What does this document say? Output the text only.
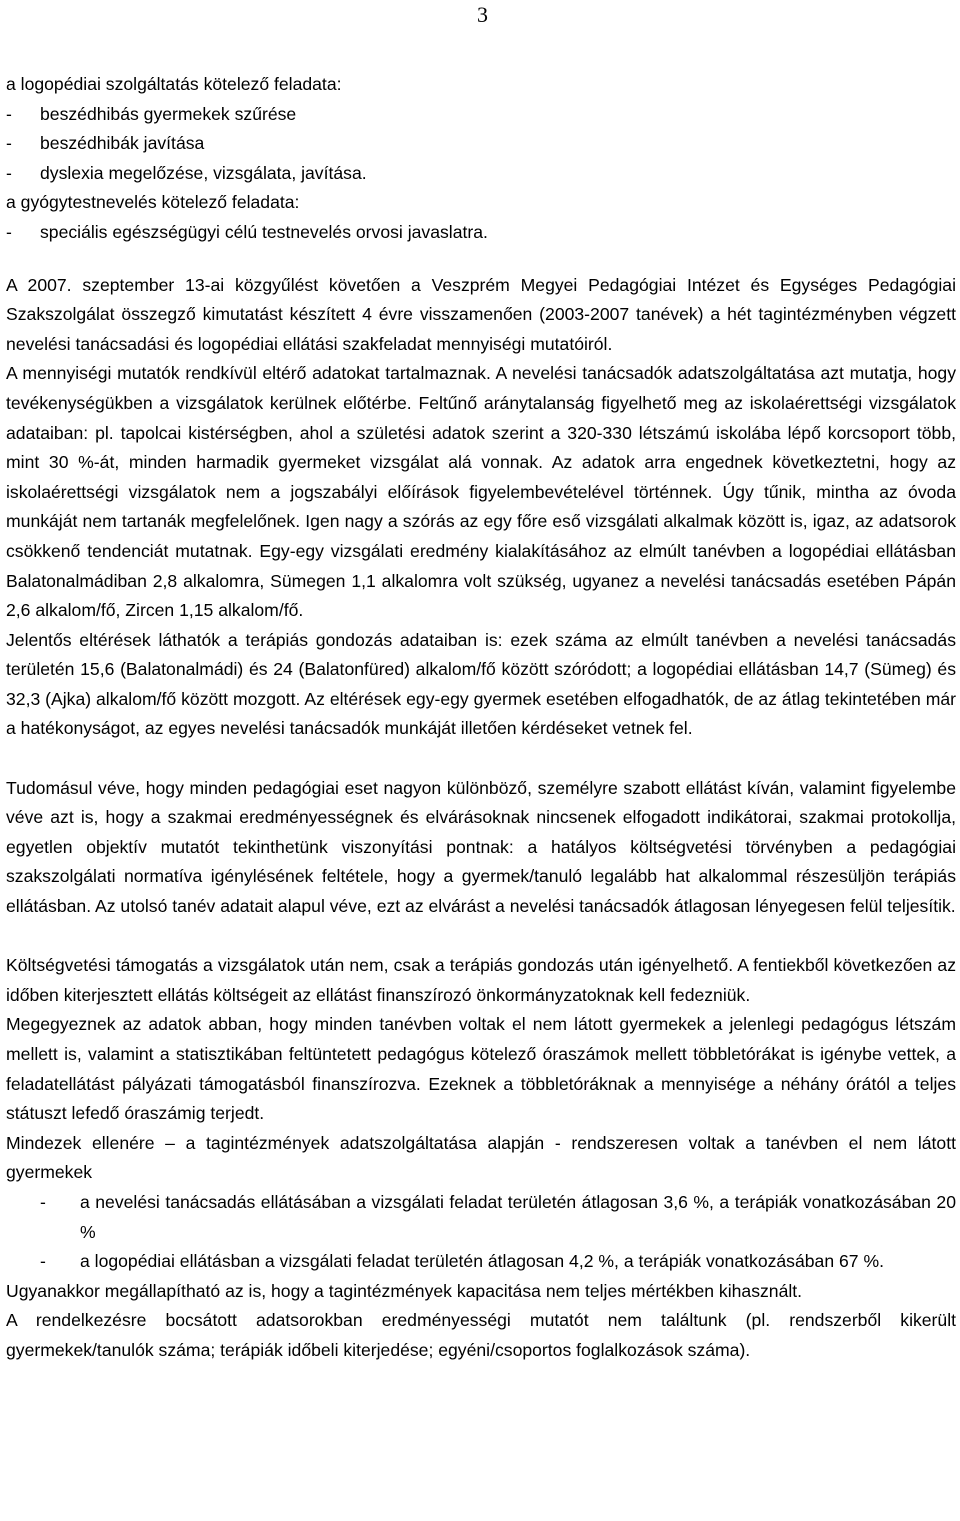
3
a logopédiai szolgáltatás kötelező feladata:
- beszédhibás gyermekek szűrése
- beszédhibák javítása
- dyslexia megelőzése, vizsgálata, javítása.
a gyógytestnevelés kötelező feladata:
- speciális egészségügyi célú testnevelés orvosi javaslatra.
A 2007. szeptember 13-ai közgyűlést követően a Veszprém Megyei Pedagógiai Intézet és Egységes Pedagógiai Szakszolgálat összegző kimutatást készített 4 évre visszamenően (2003-2007 tanévek) a hét tagintézményben végzett nevelési tanácsadási és logopédiai ellátási szakfeladat mennyiségi mutatóiról.
A mennyiségi mutatók rendkívül eltérő adatokat tartalmaznak. A nevelési tanácsadók adatszolgáltatása azt mutatja, hogy tevékenységükben a vizsgálatok kerülnek előtérbe. Feltűnő aránytalanság figyelhető meg az iskolaérettségi vizsgálatok adataiban: pl. tapolcai kistérségben, ahol a születési adatok szerint a 320-330 létszámú iskolába lépő korcsoport több, mint 30 %-át, minden harmadik gyermeket vizsgálat alá vonnak. Az adatok arra engednek következtetni, hogy az iskolaérettségi vizsgálatok nem a jogszabályi előírások figyelembevételével történnek. Úgy tűnik, mintha az óvoda munkáját nem tartanák megfelelőnek. Igen nagy a szórás az egy főre eső vizsgálati alkalmak között is, igaz, az adatsorok csökkenő tendenciát mutatnak. Egy-egy vizsgálati eredmény kialakításához az elmúlt tanévben a logopédiai ellátásban Balatonalmádiban 2,8 alkalomra, Sümegen 1,1 alkalomra volt szükség, ugyanez a nevelési tanácsadás esetében Pápán 2,6 alkalom/fő, Zircen 1,15 alkalom/fő.
Jelentős eltérések láthatók a terápiás gondozás adataiban is: ezek száma az elmúlt tanévben a nevelési tanácsadás területén 15,6 (Balatonalmádi) és 24 (Balatonfüred) alkalom/fő között szóródott; a logopédiai ellátásban 14,7 (Sümeg) és 32,3 (Ajka) alkalom/fő között mozgott. Az eltérések egy-egy gyermek esetében elfogadhatók, de az átlag tekintetében már a hatékonyságot, az egyes nevelési tanácsadók munkáját illetően kérdéseket vetnek fel.
Tudomásul véve, hogy minden pedagógiai eset nagyon különböző, személyre szabott ellátást kíván, valamint figyelembe véve azt is, hogy a szakmai eredményességnek és elvárásoknak nincsenek elfogadott indikátorai, szakmai protokollja, egyetlen objektív mutatót tekinthetünk viszonyítási pontnak: a hatályos költségvetési törvényben a pedagógiai szakszolgálati normatíva igénylésének feltétele, hogy a gyermek/tanuló legalább hat alkalommal részesüljön terápiás ellátásban. Az utolsó tanév adatait alapul véve, ezt az elvárást a nevelési tanácsadók átlagosan lényegesen felül teljesítik.
Költségvetési támogatás a vizsgálatok után nem, csak a terápiás gondozás után igényelhető. A fentiekből következően az időben kiterjesztett ellátás költségeit az ellátást finanszírozó önkormányzatoknak kell fedezniük.
Megegyeznek az adatok abban, hogy minden tanévben voltak el nem látott gyermekek a jelenlegi pedagógus létszám mellett is, valamint a statisztikában feltüntetett pedagógus kötelező óraszámok mellett többletórákat is igénybe vettek, a feladatellátást pályázati támogatásból finanszírozva. Ezeknek a többletóráknak a mennyisége a néhány órától a teljes státuszt lefedő óraszámig terjedt.
Mindezek ellenére – a tagintézmények adatszolgáltatása alapján - rendszeresen voltak a tanévben el nem látott gyermekek
-	a nevelési tanácsadás ellátásában a vizsgálati feladat területén átlagosan 3,6 %, a terápiák vonatkozásában 20 %
-	a logopédiai ellátásban a vizsgálati feladat területén átlagosan 4,2 %, a terápiák vonatkozásában 67 %.
Ugyanakkor megállapítható az is, hogy a tagintézmények kapacitása nem teljes mértékben kihasznált.
A rendelkezésre bocsátott adatsorokban eredményességi mutatót nem találtunk (pl. rendszerből kikerült gyermekek/tanulók száma; terápiák időbeli kiterjedése; egyéni/csoportos foglalkozások száma).
